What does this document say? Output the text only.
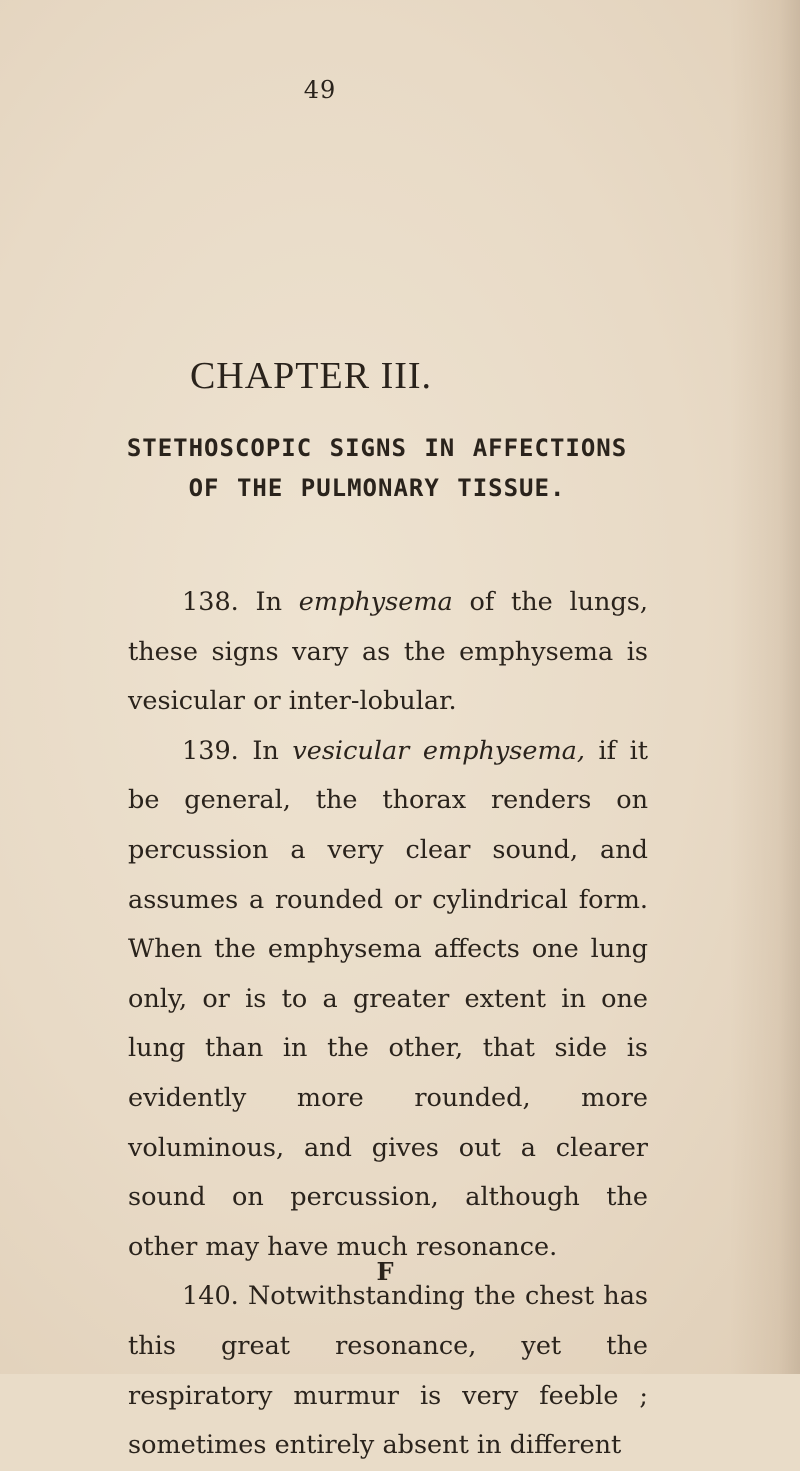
49
CHAPTER III.
STETHOSCOPIC SIGNS IN AFFECTIONS OF THE PULMONARY TISSUE.

138. In emphysema of the lungs, these signs vary as the emphysema is vesicular or inter-lobular.

139. In vesicular emphysema, if it be general, the thorax renders on percussion a very clear sound, and assumes a rounded or cylindrical form. When the emphysema affects one lung only, or is to a greater extent in one lung than in the other, that side is evidently more rounded, more voluminous, and gives out a clearer sound on percussion, although the other may have much resonance.

140. Notwithstanding the chest has this great resonance, yet the respiratory murmur is very feeble ; sometimes entirely absent in different

F
